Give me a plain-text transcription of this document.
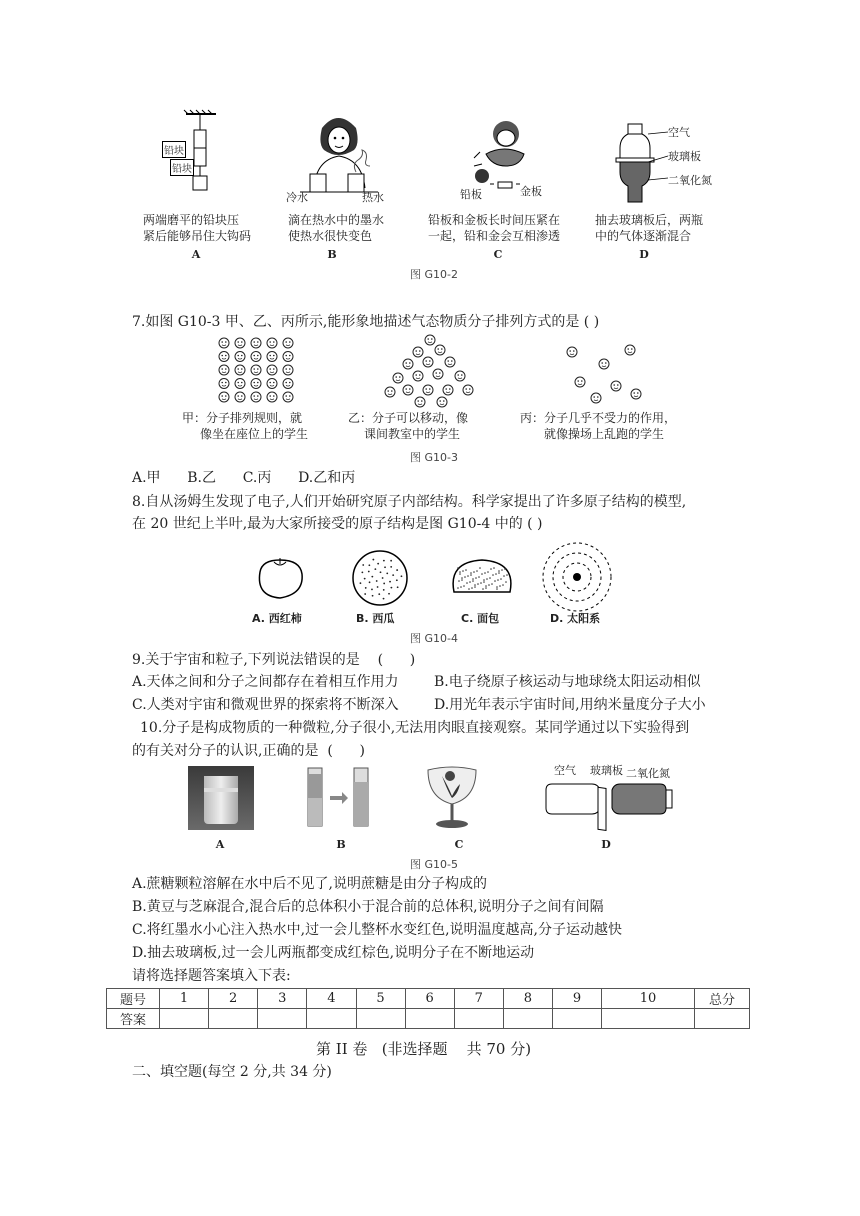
铅块
铅块
两端磨平的铅块压
紧后能够吊住大钩码
A
冷水	热水
滴在热水中的墨水
使热水很快变色
B
铅板	金板
铅板和金板长时间压紧在
一起，铅和金会互相渗透
C
空气
玻璃板
二氧化氮
抽去玻璃板后，两瓶
中的气体逐渐混合
D
图 G10-2
7.如图 G10-3 甲、乙、丙所示,能形象地描述气态物质分子排列方式的是 ( )
甲：分子排列规则，就
像坐在座位上的学生
乙：分子可以移动，像
课间教室中的学生
丙：分子几乎不受力的作用，
就像操场上乱跑的学生
图 G10-3
A.甲      B.乙      C.丙      D.乙和丙
8.自从汤姆生发现了电子,人们开始研究原子内部结构。科学家提出了许多原子结构的模型,
在 20 世纪上半叶,最为大家所接受的原子结构是图 G10-4 中的 ( )
A. 西红柿	B. 西瓜	C. 面包	D. 太阳系
图 G10-4
9.关于宇宙和粒子,下列说法错误的是    (      )
A.天体之间和分子之间都存在着相互作用力	B.电子绕原子核运动与地球绕太阳运动相似
C.人类对宇宙和微观世界的探索将不断深入	D.用光年表示宇宙时间,用纳米量度分子大小
10.分子是构成物质的一种微粒,分子很小,无法用肉眼直接观察。某同学通过以下实验得到
的有关对分子的认识,正确的是  (      )
空气 玻璃板 二氧化氮
A	B	C	D
图 G10-5
A.蔗糖颗粒溶解在水中后不见了,说明蔗糖是由分子构成的
B.黄豆与芝麻混合,混合后的总体积小于混合前的总体积,说明分子之间有间隔
C.将红墨水小心注入热水中,过一会儿整杯水变红色,说明温度越高,分子运动越快
D.抽去玻璃板,过一会儿两瓶都变成红棕色,说明分子在不断地运动
请将选择题答案填入下表:
题号	1	2	3	4	5	6	7	8	9	10	总分
答案											
第 II 卷   (非选择题    共 70 分)
二、填空题(每空 2 分,共 34 分)
